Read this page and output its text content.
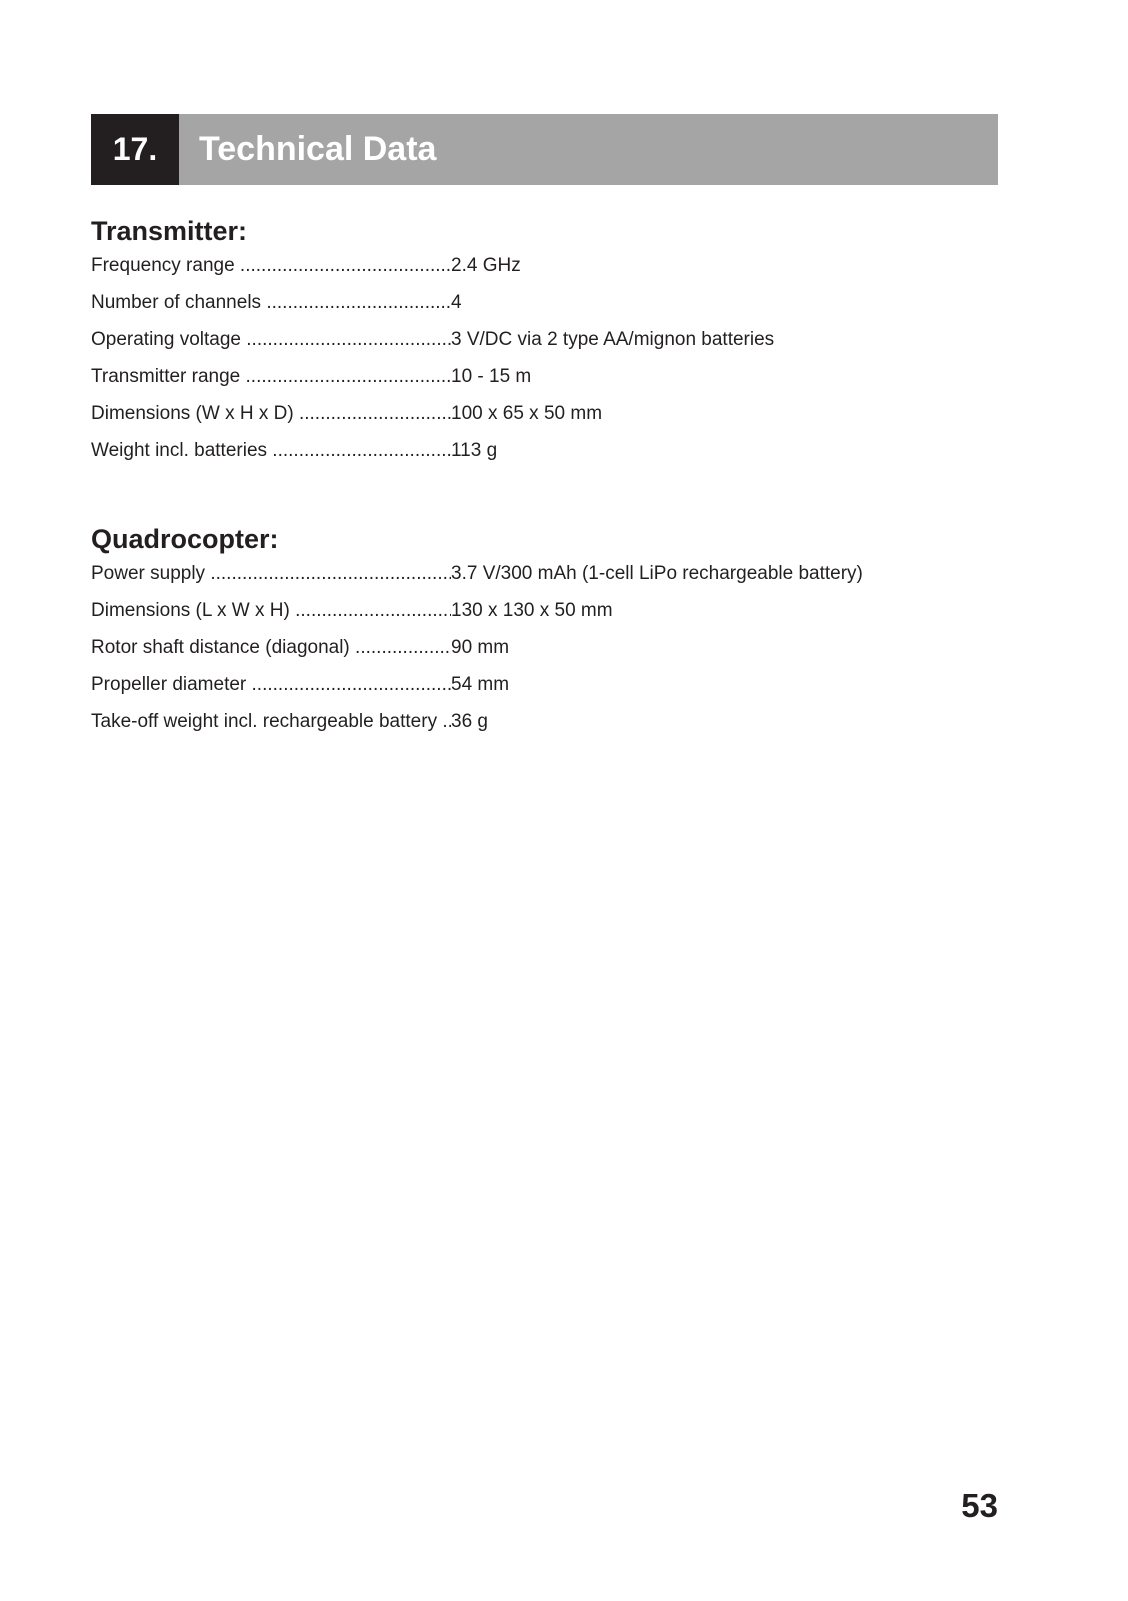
17.	Technical Data
Transmitter:
Frequency range .....	2.4 GHz
Number of channels .....	4
Operating voltage .....	3 V/DC via 2 type AA/mignon batteries
Transmitter range .....	10 - 15 m
Dimensions (W x H x D) .....	100 x 65 x 50 mm
Weight incl. batteries .....	113 g
Quadrocopter:
Power supply .....	3.7 V/300 mAh (1-cell LiPo rechargeable battery)
Dimensions (L x W x H) .....	130 x 130 x 50 mm
Rotor shaft distance (diagonal) .....	90 mm
Propeller diameter .....	54 mm
Take-off weight incl. rechargeable battery ..... 36 g
53
